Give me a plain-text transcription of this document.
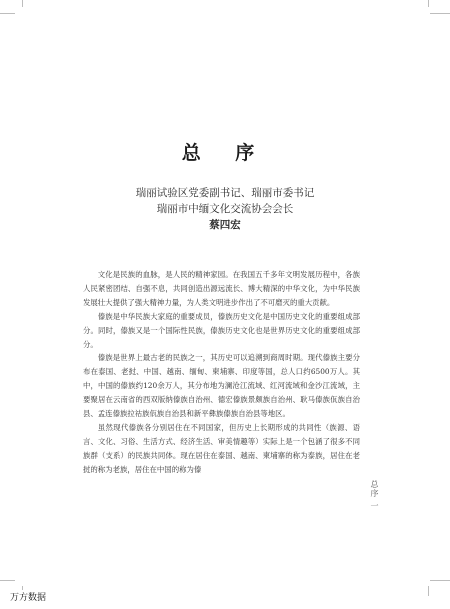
总 序
瑞丽试验区党委副书记、瑞丽市委书记
瑞丽市中缅文化交流协会会长
蔡四宏

文化是民族的血脉，是人民的精神家园。在我国五千多年文明发展历程中，各族人民紧密团结、自强不息，共同创造出源远流长、博大精深的中华文化，为中华民族发展壮大提供了强大精神力量，为人类文明进步作出了不可磨灭的重大贡献。

傣族是中华民族大家庭的重要成员，傣族历史文化是中国历史文化的重要组成部分。同时，傣族又是一个国际性民族，傣族历史文化也是世界历史文化的重要组成部分。

傣族是世界上最古老的民族之一，其历史可以追溯到商周时期。现代傣族主要分布在泰国、老挝、中国、越南、缅甸、柬埔寨、印度等国，总人口约6500万人。其中，中国的傣族约120余万人，其分布地为澜沧江流域、红河流域和金沙江流域，主要聚居在云南省的西双版纳傣族自治州、德宏傣族景颇族自治州、耿马傣族佤族自治县、孟连傣族拉祜族佤族自治县和新平彝族傣族自治县等地区。

虽然现代傣族各分别居住在不同国家，但历史上长期形成的共同性（族源、语言、文化、习俗、生活方式、经济生活、审美情趣等）实际上是一个包涵了很多不同族群（支系）的民族共同体。现在居住在泰国、越南、柬埔寨的称为泰族，居住在老挝的称为老族，居住在中国的称为傣

总序 一
万方数据
